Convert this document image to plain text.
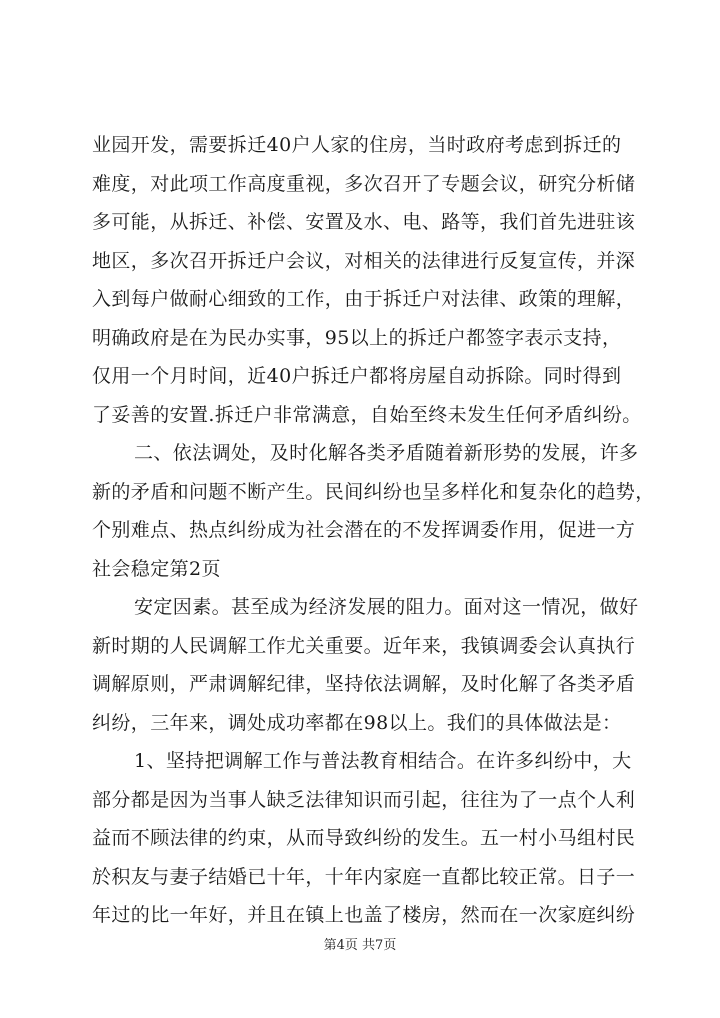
业园开发，需要拆迁40户人家的住房，当时政府考虑到拆迁的
难度，对此项工作高度重视，多次召开了专题会议，研究分析储
多可能，从拆迁、补偿、安置及水、电、路等，我们首先进驻该
地区，多次召开拆迁户会议，对相关的法律进行反复宣传，并深
入到每户做耐心细致的工作，由于拆迁户对法律、政策的理解，
明确政府是在为民办实事，95以上的拆迁户都签字表示支持，
仅用一个月时间，近40户拆迁户都将房屋自动拆除。同时得到
了妥善的安置.拆迁户非常满意，自始至终未发生任何矛盾纠纷。
二、依法调处，及时化解各类矛盾随着新形势的发展，许多
新的矛盾和问题不断产生。民间纠纷也呈多样化和复杂化的趋势，
个别难点、热点纠纷成为社会潜在的不发挥调委作用，促进一方
社会稳定第2页
安定因素。甚至成为经济发展的阻力。面对这一情况，做好
新时期的人民调解工作尤关重要。近年来，我镇调委会认真执行
调解原则，严肃调解纪律，坚持依法调解，及时化解了各类矛盾
纠纷，三年来，调处成功率都在98以上。我们的具体做法是：
1、坚持把调解工作与普法教育相结合。在许多纠纷中，大
部分都是因为当事人缺乏法律知识而引起，往往为了一点个人利
益而不顾法律的约束，从而导致纠纷的发生。五一村小马组村民
於积友与妻子结婚已十年，十年内家庭一直都比较正常。日子一
年过的比一年好，并且在镇上也盖了楼房，然而在一次家庭纠纷
第4页 共7页
